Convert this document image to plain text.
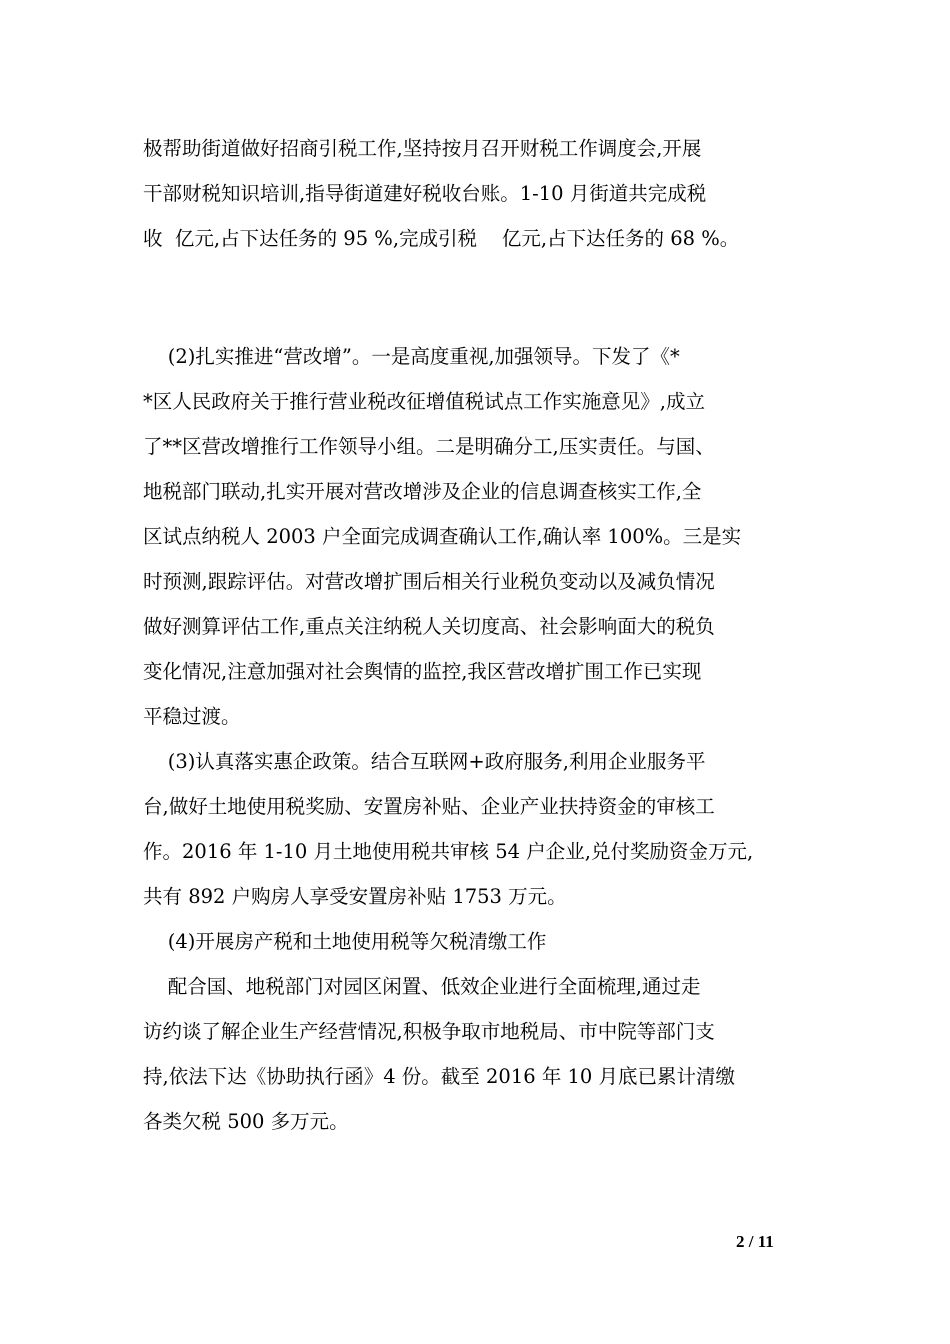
极帮助街道做好招商引税工作,坚持按月召开财税工作调度会,开展
干部财税知识培训,指导街道建好税收台账。1-10 月街道共完成税
收  亿元,占下达任务的 95 %,完成引税    亿元,占下达任务的 68 %。
(2)扎实推进“营改增”。一是高度重视,加强领导。下发了《*
*区人民政府关于推行营业税改征增值税试点工作实施意见》,成立
了**区营改增推行工作领导小组。二是明确分工,压实责任。与国、
地税部门联动,扎实开展对营改增涉及企业的信息调查核实工作,全
区试点纳税人 2003 户全面完成调查确认工作,确认率 100%。三是实
时预测,跟踪评估。对营改增扩围后相关行业税负变动以及减负情况
做好测算评估工作,重点关注纳税人关切度高、社会影响面大的税负
变化情况,注意加强对社会舆情的监控,我区营改增扩围工作已实现
平稳过渡。
(3)认真落实惠企政策。结合互联网+政府服务,利用企业服务平
台,做好土地使用税奖励、安置房补贴、企业产业扶持资金的审核工
作。2016 年 1-10 月土地使用税共审核 54 户企业,兑付奖励资金万元,
共有 892 户购房人享受安置房补贴 1753 万元。
(4)开展房产税和土地使用税等欠税清缴工作
配合国、地税部门对园区闲置、低效企业进行全面梳理,通过走
访约谈了解企业生产经营情况,积极争取市地税局、市中院等部门支
持,依法下达《协助执行函》4 份。截至 2016 年 10 月底已累计清缴
各类欠税 500 多万元。
2 / 11
